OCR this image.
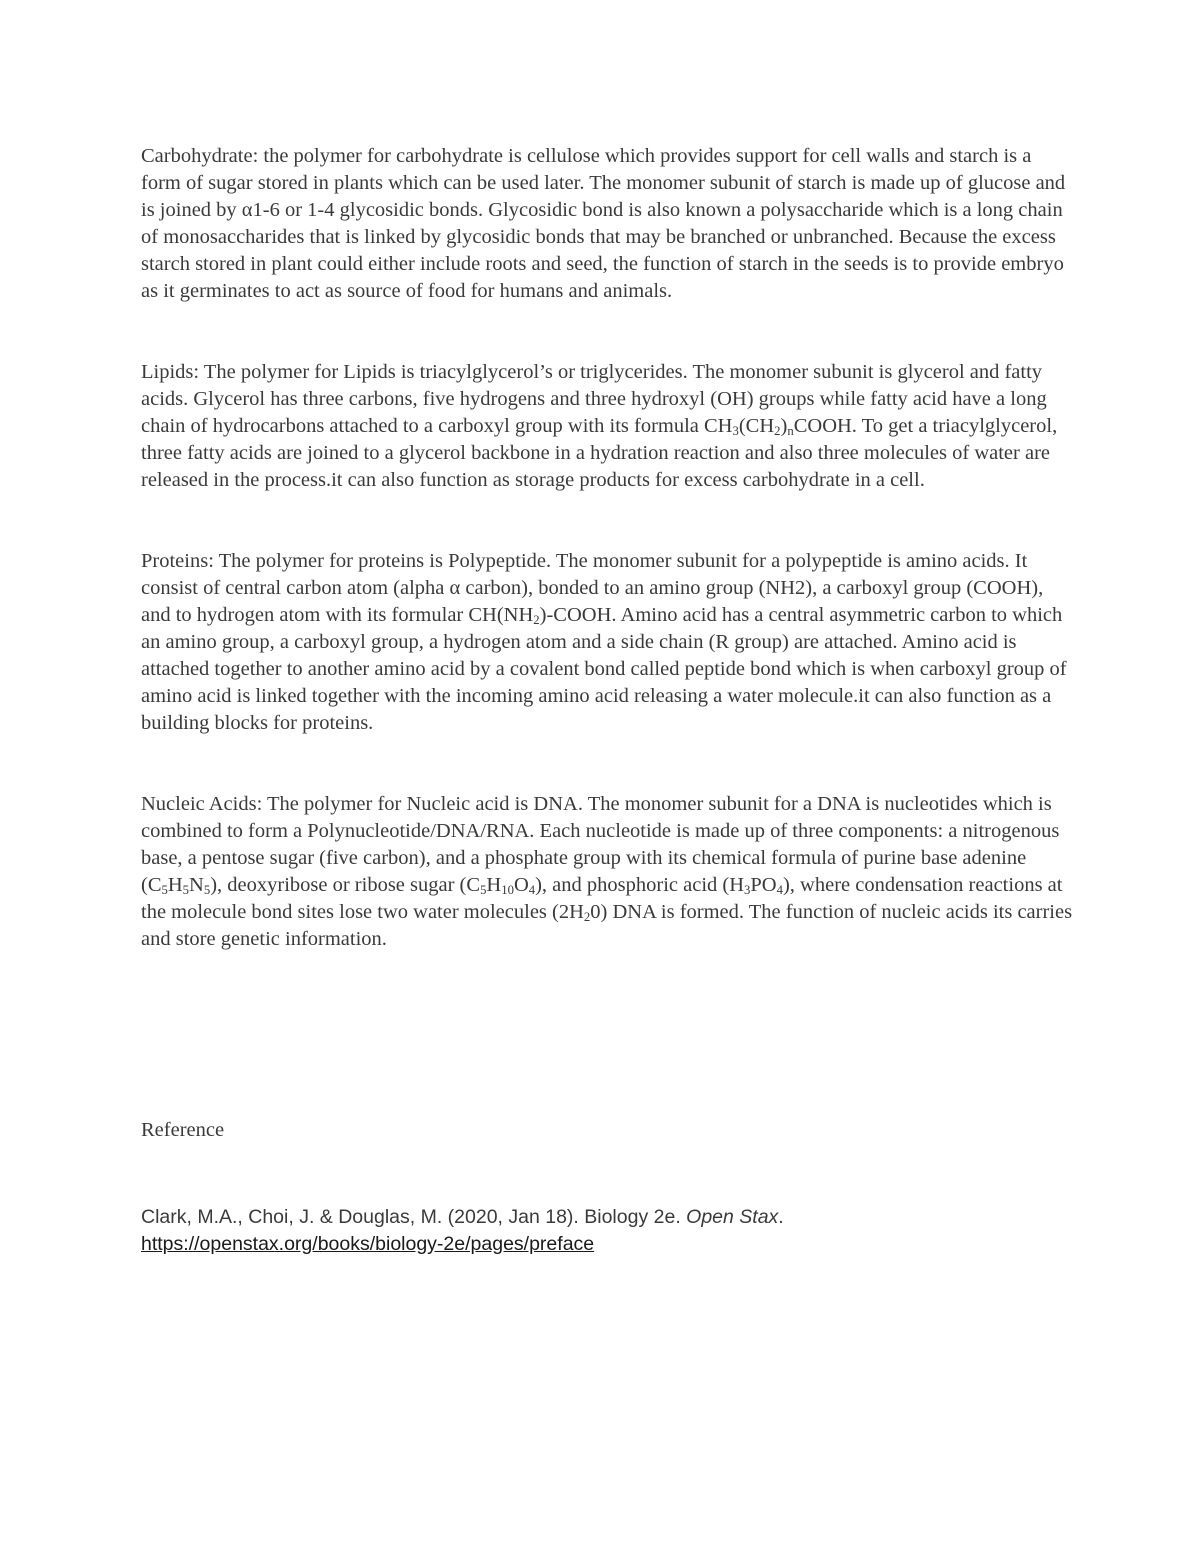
Carbohydrate: the polymer for carbohydrate is cellulose which provides support for cell walls and starch is a form of sugar stored in plants which can be used later. The monomer subunit of starch is made up of glucose and is joined by α1-6 or 1-4 glycosidic bonds. Glycosidic bond is also known a polysaccharide which is a long chain of monosaccharides that is linked by glycosidic bonds that may be branched or unbranched. Because the excess starch stored in plant could either include roots and seed, the function of starch in the seeds is to provide embryo as it germinates to act as source of food for humans and animals.

Lipids: The polymer for Lipids is triacylglycerol’s or triglycerides. The monomer subunit is glycerol and fatty acids. Glycerol has three carbons, five hydrogens and three hydroxyl (OH) groups while fatty acid have a long chain of hydrocarbons attached to a carboxyl group with its formula $CH_3(CH_2)_nCOOH$. To get a triacylglycerol, three fatty acids are joined to a glycerol backbone in a hydration reaction and also three molecules of water are released in the process.it can also function as storage products for excess carbohydrate in a cell.

Proteins: The polymer for proteins is Polypeptide. The monomer subunit for a polypeptide is amino acids. It consist of central carbon atom (alpha α carbon), bonded to an amino group (NH2), a carboxyl group (COOH), and to hydrogen atom with its formular $CH(NH_2)$-COOH. Amino acid has a central asymmetric carbon to which an amino group, a carboxyl group, a hydrogen atom and a side chain (R group) are attached. Amino acid is attached together to another amino acid by a covalent bond called peptide bond which is when carboxyl group of amino acid is linked together with the incoming amino acid releasing a water molecule.it can also function as a building blocks for proteins.

Nucleic Acids: The polymer for Nucleic acid is DNA. The monomer subunit for a DNA is nucleotides which is combined to form a Polynucleotide/DNA/RNA. Each nucleotide is made up of three components: a nitrogenous base, a pentose sugar (five carbon), and a phosphate group with its chemical formula of purine base adenine $(C_5H_5N_5)$, deoxyribose or ribose sugar $(C_5H_{10}O_4)$, and phosphoric acid $(H_3PO_4)$, where condensation reactions at the molecule bond sites lose two water molecules $(2H_20)$ DNA is formed. The function of nucleic acids its carries and store genetic information.

Reference

Clark, M.A., Choi, J. & Douglas, M. (2020, Jan 18). Biology 2e. Open Stax. https://openstax.org/books/biology-2e/pages/preface
